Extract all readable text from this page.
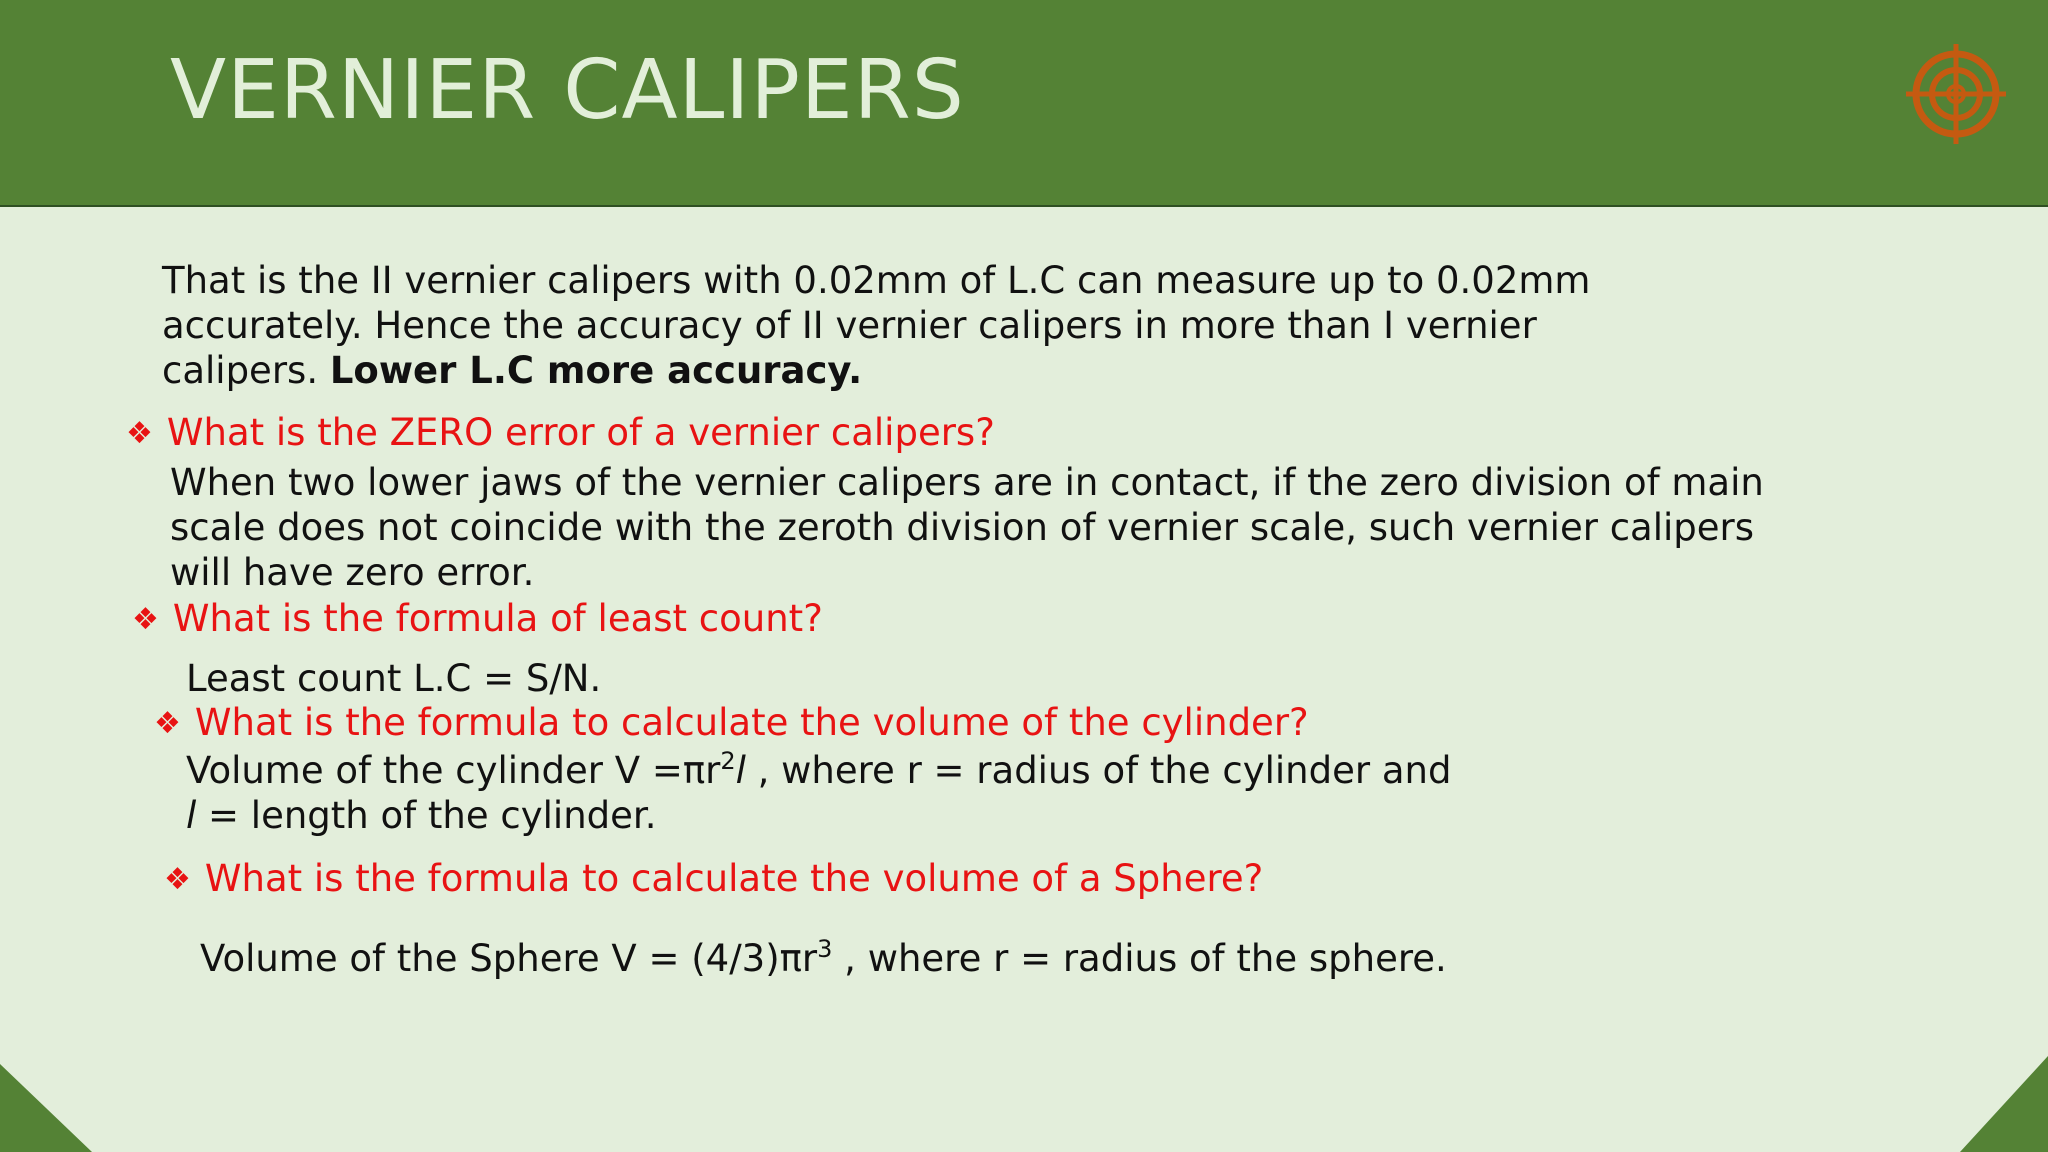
VERNIER CALIPERS
That is the II vernier calipers with 0.02mm of L.C can measure up to 0.02mm
accurately. Hence the accuracy of II vernier calipers in more than I vernier
calipers. Lower L.C more accuracy.
❖ What is the ZERO error of a vernier calipers?
When two lower jaws of the vernier calipers are in contact, if the zero division of main
scale does not coincide with the zeroth division of vernier scale, such vernier calipers
will have zero error.
❖ What is the formula of least count?
Least count L.C = S/N.
❖ What is the formula to calculate the volume of the cylinder?
Volume of the cylinder $V =\pi r^2l$ , where r = radius of the cylinder and
l = length of the cylinder.
❖ What is the formula to calculate the volume of a Sphere?
Volume of the Sphere $V = (4/3)\pi r^3$ , where r = radius of the sphere.
